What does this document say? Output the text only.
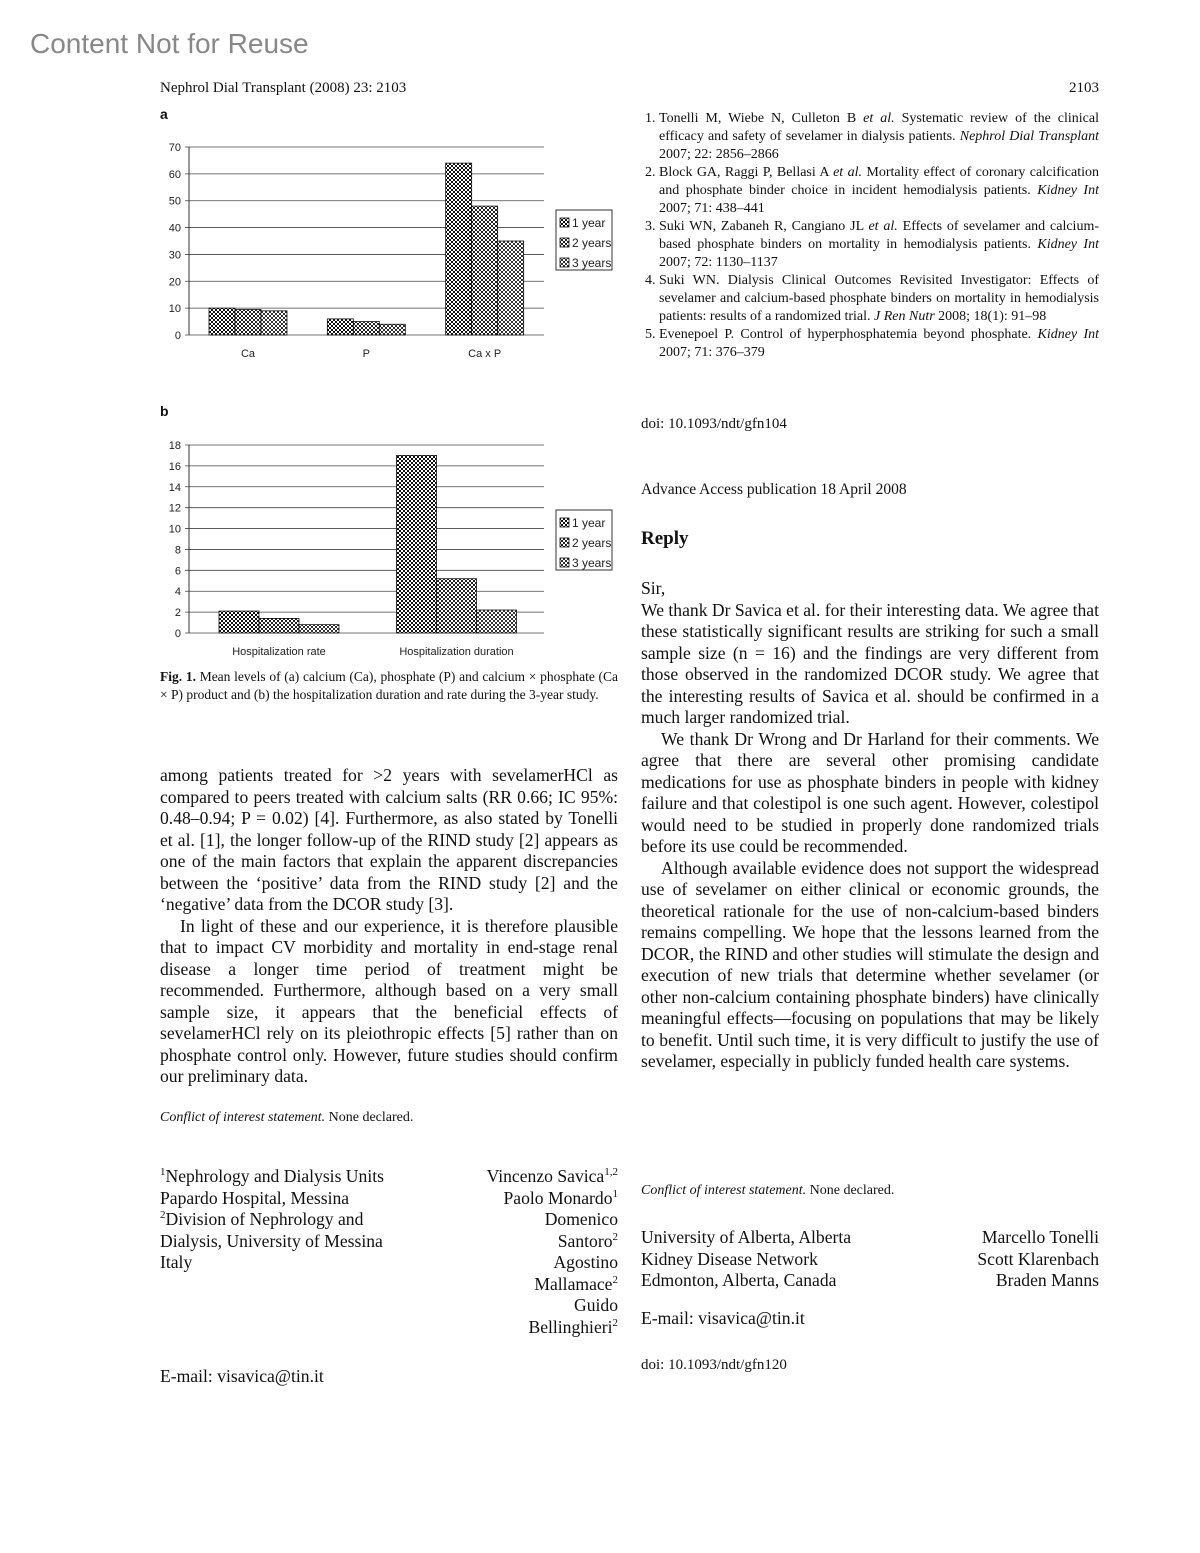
Content Not for Reuse
Nephrol Dial Transplant (2008) 23: 2103	2103
a
b
0
10
20
30
40
50
60
70
Ca	P	Ca x P
1 year
2 years
3 years
0
2
4
6
8
10
12
14
16
18
Hospitalization rate	Hospitalization duration
1 year
2 years
3 years
Fig. 1. Mean levels of (a) calcium (Ca), phosphate (P) and calcium × phosphate (Ca × P) product and (b) the hospitalization duration and rate during the 3-year study.

among patients treated for >2 years with sevelamerHCl as compared to peers treated with calcium salts (RR 0.66; IC 95%: 0.48–0.94; P = 0.02) [4]. Furthermore, as also stated by Tonelli et al. [1], the longer follow-up of the RIND study [2] appears as one of the main factors that explain the apparent discrepancies between the ‘positive’ data from the RIND study [2] and the ‘negative’ data from the DCOR study [3].

In light of these and our experience, it is therefore plausible that to impact CV morbidity and mortality in end-stage renal disease a longer time period of treatment might be recommended. Furthermore, although based on a very small sample size, it appears that the beneficial effects of sevelamerHCl rely on its pleiothropic effects [5] rather than on phosphate control only. However, future studies should confirm our preliminary data.

Conflict of interest statement. None declared.
$^1$Nephrology and Dialysis Units
Papardo Hospital, Messina
$^2$Division of Nephrology and
Dialysis, University of Messina
Italy
Vincenzo Savica$^{1,2}$
Paolo Monardo$^1$
Domenico
Santoro$^2$
Agostino
Mallamace$^2$
Guido
Bellinghieri$^2$
E-mail: visavica@tin.it
1. Tonelli M, Wiebe N, Culleton B et al. Systematic review of the clinical efficacy and safety of sevelamer in dialysis patients. Nephrol Dial Transplant 2007; 22: 2856–2866
2. Block GA, Raggi P, Bellasi A et al. Mortality effect of coronary calcification and phosphate binder choice in incident hemodialysis patients. Kidney Int 2007; 71: 438–441
3. Suki WN, Zabaneh R, Cangiano JL et al. Effects of sevelamer and calcium-based phosphate binders on mortality in hemodialysis patients. Kidney Int 2007; 72: 1130–1137
4. Suki WN. Dialysis Clinical Outcomes Revisited Investigator: Effects of sevelamer and calcium-based phosphate binders on mortality in hemodialysis patients: results of a randomized trial. J Ren Nutr 2008; 18(1): 91–98
5. Evenepoel P. Control of hyperphosphatemia beyond phosphate. Kidney Int 2007; 71: 376–379
doi: 10.1093/ndt/gfn104
Advance Access publication 18 April 2008
Reply

Sir,

We thank Dr Savica et al. for their interesting data. We agree that these statistically significant results are striking for such a small sample size (n = 16) and the findings are very different from those observed in the randomized DCOR study. We agree that the interesting results of Savica et al. should be confirmed in a much larger randomized trial.

We thank Dr Wrong and Dr Harland for their comments. We agree that there are several other promising candidate medications for use as phosphate binders in people with kidney failure and that colestipol is one such agent. However, colestipol would need to be studied in properly done randomized trials before its use could be recommended.

Although available evidence does not support the widespread use of sevelamer on either clinical or economic grounds, the theoretical rationale for the use of non-calcium-based binders remains compelling. We hope that the lessons learned from the DCOR, the RIND and other studies will stimulate the design and execution of new trials that determine whether sevelamer (or other non-calcium containing phosphate binders) have clinically meaningful effects—focusing on populations that may be likely to benefit. Until such time, it is very difficult to justify the use of sevelamer, especially in publicly funded health care systems.

Conflict of interest statement. None declared.
University of Alberta, Alberta
Kidney Disease Network
Edmonton, Alberta, Canada
Marcello Tonelli
Scott Klarenbach
Braden Manns
E-mail: visavica@tin.it
doi: 10.1093/ndt/gfn120
